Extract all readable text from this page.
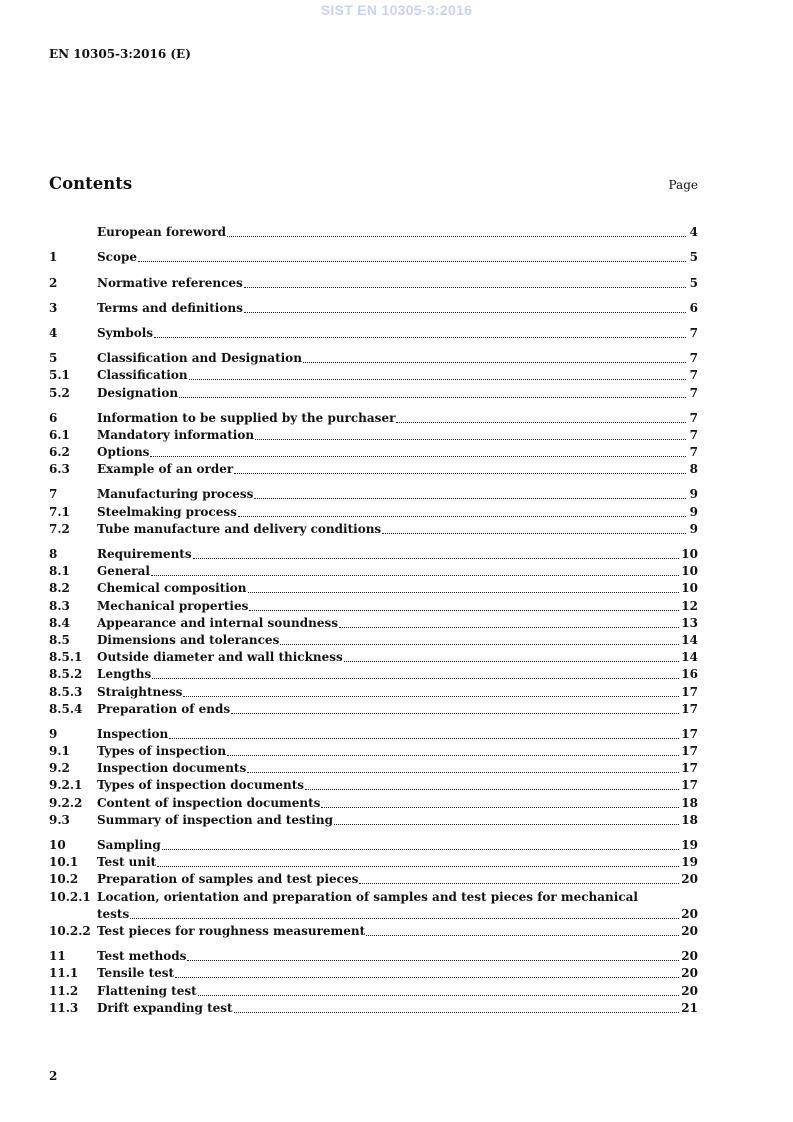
SIST EN 10305-3:2016
EN 10305-3:2016 (E)
Contents	Page
European foreword	4
1	Scope	5
2	Normative references	5
3	Terms and definitions	6
4	Symbols	7
5	Classification and Designation	7
5.1	Classification	7
5.2	Designation	7
6	Information to be supplied by the purchaser	7
6.1	Mandatory information	7
6.2	Options	7
6.3	Example of an order	8
7	Manufacturing process	9
7.1	Steelmaking process	9
7.2	Tube manufacture and delivery conditions	9
8	Requirements	10
8.1	General	10
8.2	Chemical composition	10
8.3	Mechanical properties	12
8.4	Appearance and internal soundness	13
8.5	Dimensions and tolerances	14
8.5.1	Outside diameter and wall thickness	14
8.5.2	Lengths	16
8.5.3	Straightness	17
8.5.4	Preparation of ends	17
9	Inspection	17
9.1	Types of inspection	17
9.2	Inspection documents	17
9.2.1	Types of inspection documents	17
9.2.2	Content of inspection documents	18
9.3	Summary of inspection and testing	18
10	Sampling	19
10.1	Test unit	19
10.2	Preparation of samples and test pieces	20
10.2.1 Location, orientation and preparation of samples and test pieces for mechanical
tests	20
10.2.2 Test pieces for roughness measurement	20
11	Test methods	20
11.1	Tensile test	20
11.2	Flattening test	20
11.3	Drift expanding test	21
2
